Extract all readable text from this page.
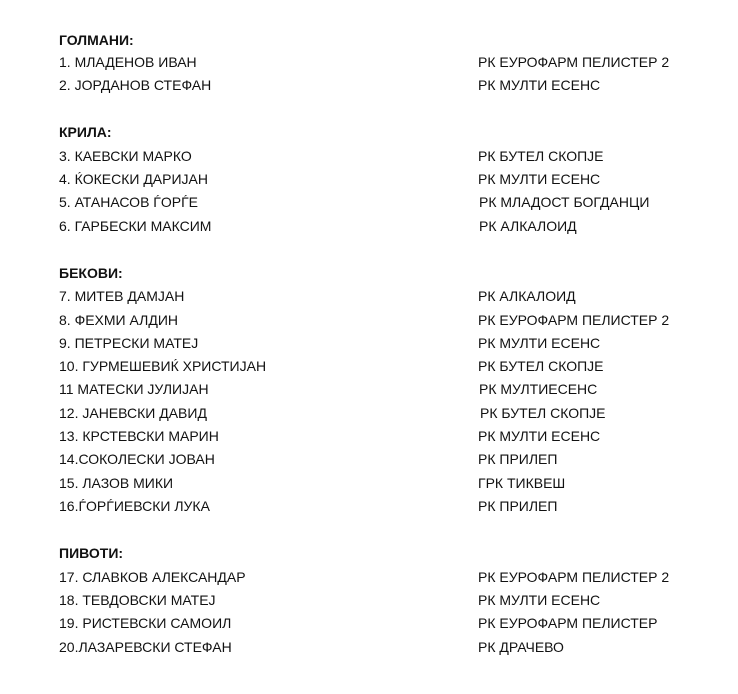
ГОЛМАНИ:
1. МЛАДЕНОВ ИВАН	РК ЕУРОФАРМ ПЕЛИСТЕР 2
2. ЈОРДАНОВ СТЕФАН	РК МУЛТИ ЕСЕНС
КРИЛА:
3. КАЕВСКИ МАРКО	РК БУТЕЛ СКОПЈЕ
4. ЌОКЕСКИ ДАРИЈАН	РК МУЛТИ ЕСЕНС
5. АТАНАСОВ ЃОРЃЕ	РК МЛАДОСТ БОГДАНЦИ
6. ГАРБЕСКИ МАКСИМ	РК АЛКАЛОИД
БЕКОВИ:
7. МИТЕВ ДАМЈАН	РК АЛКАЛОИД
8. ФЕХМИ АЛДИН	РК ЕУРОФАРМ ПЕЛИСТЕР 2
9. ПЕТРЕСКИ МАТЕЈ	РК МУЛТИ ЕСЕНС
10. ГУРМЕШЕВИЌ ХРИСТИЈАН	РК БУТЕЛ СКОПЈЕ
11 МАТЕСКИ ЈУЛИЈАН	РК МУЛТИЕСЕНС
12. ЈАНЕВСКИ ДАВИД	РК БУТЕЛ СКОПЈЕ
13. КРСТЕВСКИ МАРИН	РК МУЛТИ ЕСЕНС
14.СОКОЛЕСКИ ЈОВАН	РК ПРИЛЕП
15. ЛАЗОВ МИКИ	ГРК ТИКВЕШ
16.ЃОРЃИЕВСКИ ЛУКА	РК ПРИЛЕП
ПИВОТИ:
17. СЛАВКОВ АЛЕКСАНДАР	РК ЕУРОФАРМ ПЕЛИСТЕР 2
18. ТЕВДОВСКИ МАТЕЈ	РК МУЛТИ ЕСЕНС
19. РИСТЕВСКИ САМОИЛ	РК ЕУРОФАРМ ПЕЛИСТЕР
20.ЛАЗАРЕВСКИ СТЕФАН	РК ДРАЧЕВО
